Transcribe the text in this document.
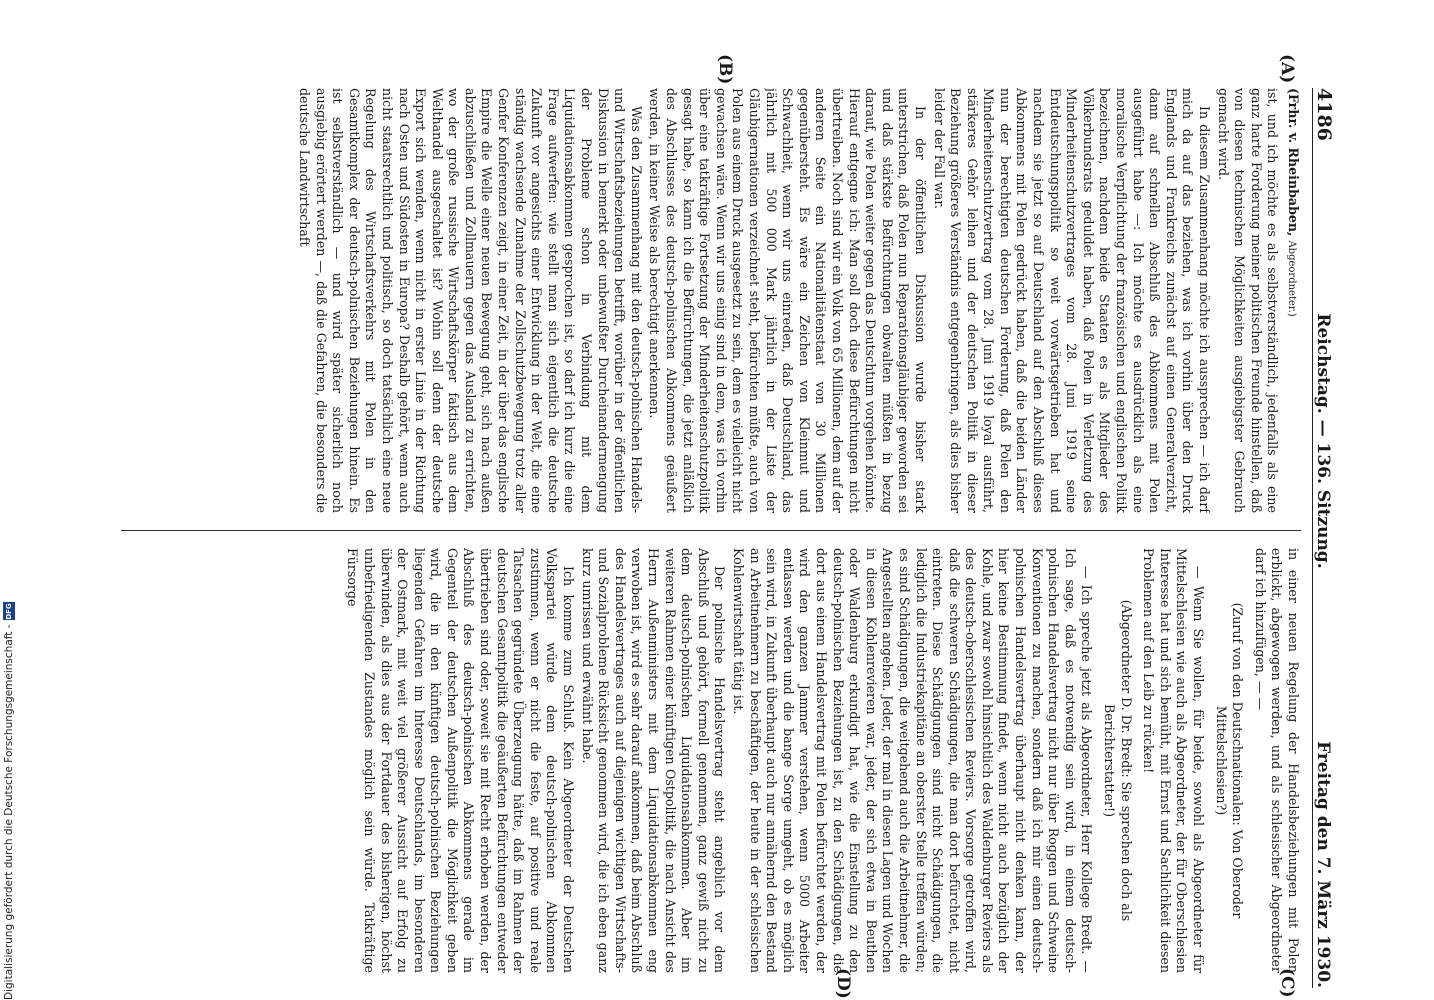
Digitalisierung gefördert durch die Deutsche Forschungsgemeinschaft -
DFG
4186
Reichstag. — 136. Sitzung.
Freitag den 7. März 1930.
(A)
(B)
(C)
(D)

(Frhr. v. Rheinbaben, Abgeordneter.)

ist, und ich möchte es als selbstverständlich, jedenfalls als eine ganz harte Forderung meiner politischen Freunde hinstellen, daß von diesen technischen Möglichkeiten ausgiebigster Gebrauch gemacht wird.

In diesem Zusammenhang möchte ich aussprechen — ich darf mich da auf das beziehen, was ich vorhin über den Druck Englands und Frankreichs zunächst auf einen Generalverzicht, dann auf schnellen Abschluß des Abkommens mit Polen ausgeführt habe —: Ich möchte es ausdrücklich als eine moralische Verpflichtung der französischen und englischen Politik bezeichnen, nachdem beide Staaten es als Mitglieder des Völkerbundsrats geduldet haben, daß Polen in Verletzung des Minderheitenschutzvertrages vom 28. Juni 1919 seine Entdeutschungspolitik so weit vorwärtsgetrieben hat und nachdem sie jetzt so auf Deutschland auf den Abschluß dieses Abkommens mit Polen gedrückt haben, daß die beiden Länder nun der berechtigten deutschen Forderung, daß Polen den Minderheitenschutzvertrag vom 28. Juni 1919 loyal ausführt, stärkeres Gehör leihen und der deutschen Politik in dieser Beziehung größeres Verständnis entgegenbringen, als dies bisher leider der Fall war.

In der öffentlichen Diskussion wurde bisher stark unterstrichen, daß Polen nun Reparationsgläubiger geworden sei und daß stärkste Befürchtungen obwalten müßten in bezug darauf, wie Polen weiter gegen das Deutschtum vorgehen könnte. Hierauf entgegne ich: Man soll doch diese Befürchtungen nicht übertreiben. Noch sind wir ein Volk von 65 Millionen, dem auf der anderen Seite ein Nationalitätenstaat von 30 Millionen gegenübersteht. Es wäre ein Zeichen von Kleinmut und Schwachheit, wenn wir uns einreden, daß Deutschland, das jährlich mit 500 000 Mark jährlich in der Liste der Gläubigernationen verzeichnet steht, befürchten müßte, auch von Polen aus einem Druck ausgesetzt zu sein, dem es vielleicht nicht gewachsen wäre. Wenn wir uns einig sind in dem, was ich vorhin über eine tatkräftige Fortsetzung der Minderheitenschutzpolitik gesagt habe, so kann ich die Befürchtungen, die jetzt anläßlich des Abschlusses des deutsch-polnischen Abkommens geäußert werden, in keiner Weise als berechtigt anerkennen.

Was den Zusammenhang mit den deutsch-polnischen Handels- und Wirtschaftsbeziehungen betrifft, worüber in der öffentlichen Diskussion in bemerkt oder unbewußter Durcheinandermengung der Probleme schon in Verbindung mit dem Liquidationsabkommen gesprochen ist, so darf ich kurz die eine Frage aufwerfen: wie stellt man sich eigentlich die deutsche Zukunft vor angesichts einer Entwicklung in der Welt, die eine ständig wachsende Zunahme der Zollschutzbewegung trotz aller Genfer Konferenzen zeigt, in einer Zeit, in der über das englische Empire die Welle einer neuen Bewegung geht, sich nach außen abzuschließen und Zollmauern gegen das Ausland zu errichten, wo der große russische Wirtschaftskörper faktisch aus dem Welthandel ausgeschaltet ist? Wohin soll denn der deutsche Export sich wenden, wenn nicht in erster Linie in der Richtung nach Osten und Südosten in Europa? Deshalb gehört, wenn auch nicht staatsrechtlich und politisch, so doch tatsächlich eine neue Regelung des Wirtschaftsverkehrs mit Polen in den Gesamtkomplex der deutsch-polnischen Beziehungen hinein. Es ist selbstverständlich — und wird später sicherlich noch ausgiebig erörtert werden —, daß die Gefahren, die besonders die deutsche Landwirtschaft

in einer neuen Regelung der Handelsbeziehungen mit Polen erblickt, abgewogen werden, und als schlesischer Abgeordneter darf ich hinzufügen, — —

(Zuruf von den Deutschnationalen: Von Oberoder Mittelschlesien?)

— Wenn Sie wollen, für beide, sowohl als Abgeordneter für Mittelschlesien wie auch als Abgeordneter, der für Oberschlesien Interesse hat und sich bemüht, mit Ernst und Sachlichkeit diesen Problemen auf den Leib zu rücken!

(Abgeordneter D. Dr. Bredt: Sie sprechen doch als Berichterstatter!)

— Ich spreche jetzt als Abgeordneter, Herr Kollege Bredt. — Ich sage, daß es notwendig sein wird, in einem deutsch-polnischen Handelsvertrag nicht nur über Roggen und Schweine Konventionen zu machen, sondern daß ich mir einen deutsch-polnischen Handelsvertrag überhaupt nicht denken kann, der hier keine Bestimmung findet, wenn nicht auch bezüglich der Kohle, und zwar sowohl hinsichtlich des Waldenburger Reviers als des deutsch-oberschlesischen Reviers. Vorsorge getroffen wird, daß die schweren Schädigungen, die man dort befürchtet, nicht eintreten. Diese Schädigungen sind nicht Schädigungen, die lediglich die Industriekapitäne an oberster Stelle treffen würden; es sind Schädigungen, die weitgehend auch die Arbeitnehmer, die Angestellten angehen. Jeder, der mal in diesen Lagen und Wochen in diesen Kohlenrevieren war, jeder, der sich etwa in Beuthen oder Waldenburg erkundigt hat, wie die Einstellung zu den deutsch-polnischen Beziehungen ist, zu den Schädigungen, die dort aus einem Handelsvertrag mit Polen befürchtet werden, der wird den ganzen Jammer verstehen, wenn 5000 Arbeiter entlassen werden und die bange Sorge umgeht, ob es möglich sein wird, in Zukunft überhaupt auch nur annähernd den Bestand an Arbeitnehmern zu beschäftigen, der heute in der schlesischen Kohlenwirtschaft tätig ist.

Der polnische Handelsvertrag steht angeblich vor dem Abschluß und gehört, formell genommen, ganz gewiß nicht zu dem deutsch-polnischen Liquidationsabkommen. Aber im weiteren Rahmen einer künftigen Ostpolitik, die nach Ansicht des Herrn Außenministers mit dem Liquidationsabkommen eng verwoben ist, wird es sehr darauf ankommen, daß beim Abschluß des Handelsvertrages auch auf diejenigen wichtigen Wirtschafts- und Sozialprobleme Rücksicht genommen wird, die ich eben ganz kurz umrissen und erwähnt habe.

Ich komme zum Schluß. Kein Abgeordneter der Deutschen Volkspartei würde dem deutsch-polnischen Abkommen zustimmen, wenn er nicht die feste, auf positive und reale Tatsachen gegründete Überzeugung hätte, daß im Rahmen der deutschen Gesamtpolitik die geäußerten Befürchtungen entweder übertrieben sind oder, soweit sie mit Recht erhoben werden, der Abschluß des deutsch-polnischen Abkommens gerade im Gegenteil der deutschen Außenpolitik die Möglichkeit geben wird, die in den künftigen deutsch-polnischen Beziehungen liegenden Gefahren im Interesse Deutschlands, im besonderen der Ostmark, mit weit viel größerer Aussicht auf Erfolg zu überwinden, als dies aus der Fortdauer des bisherigen, höchst unbefriedigenden Zustandes möglich sein würde. Tatkräftige Fürsorge
